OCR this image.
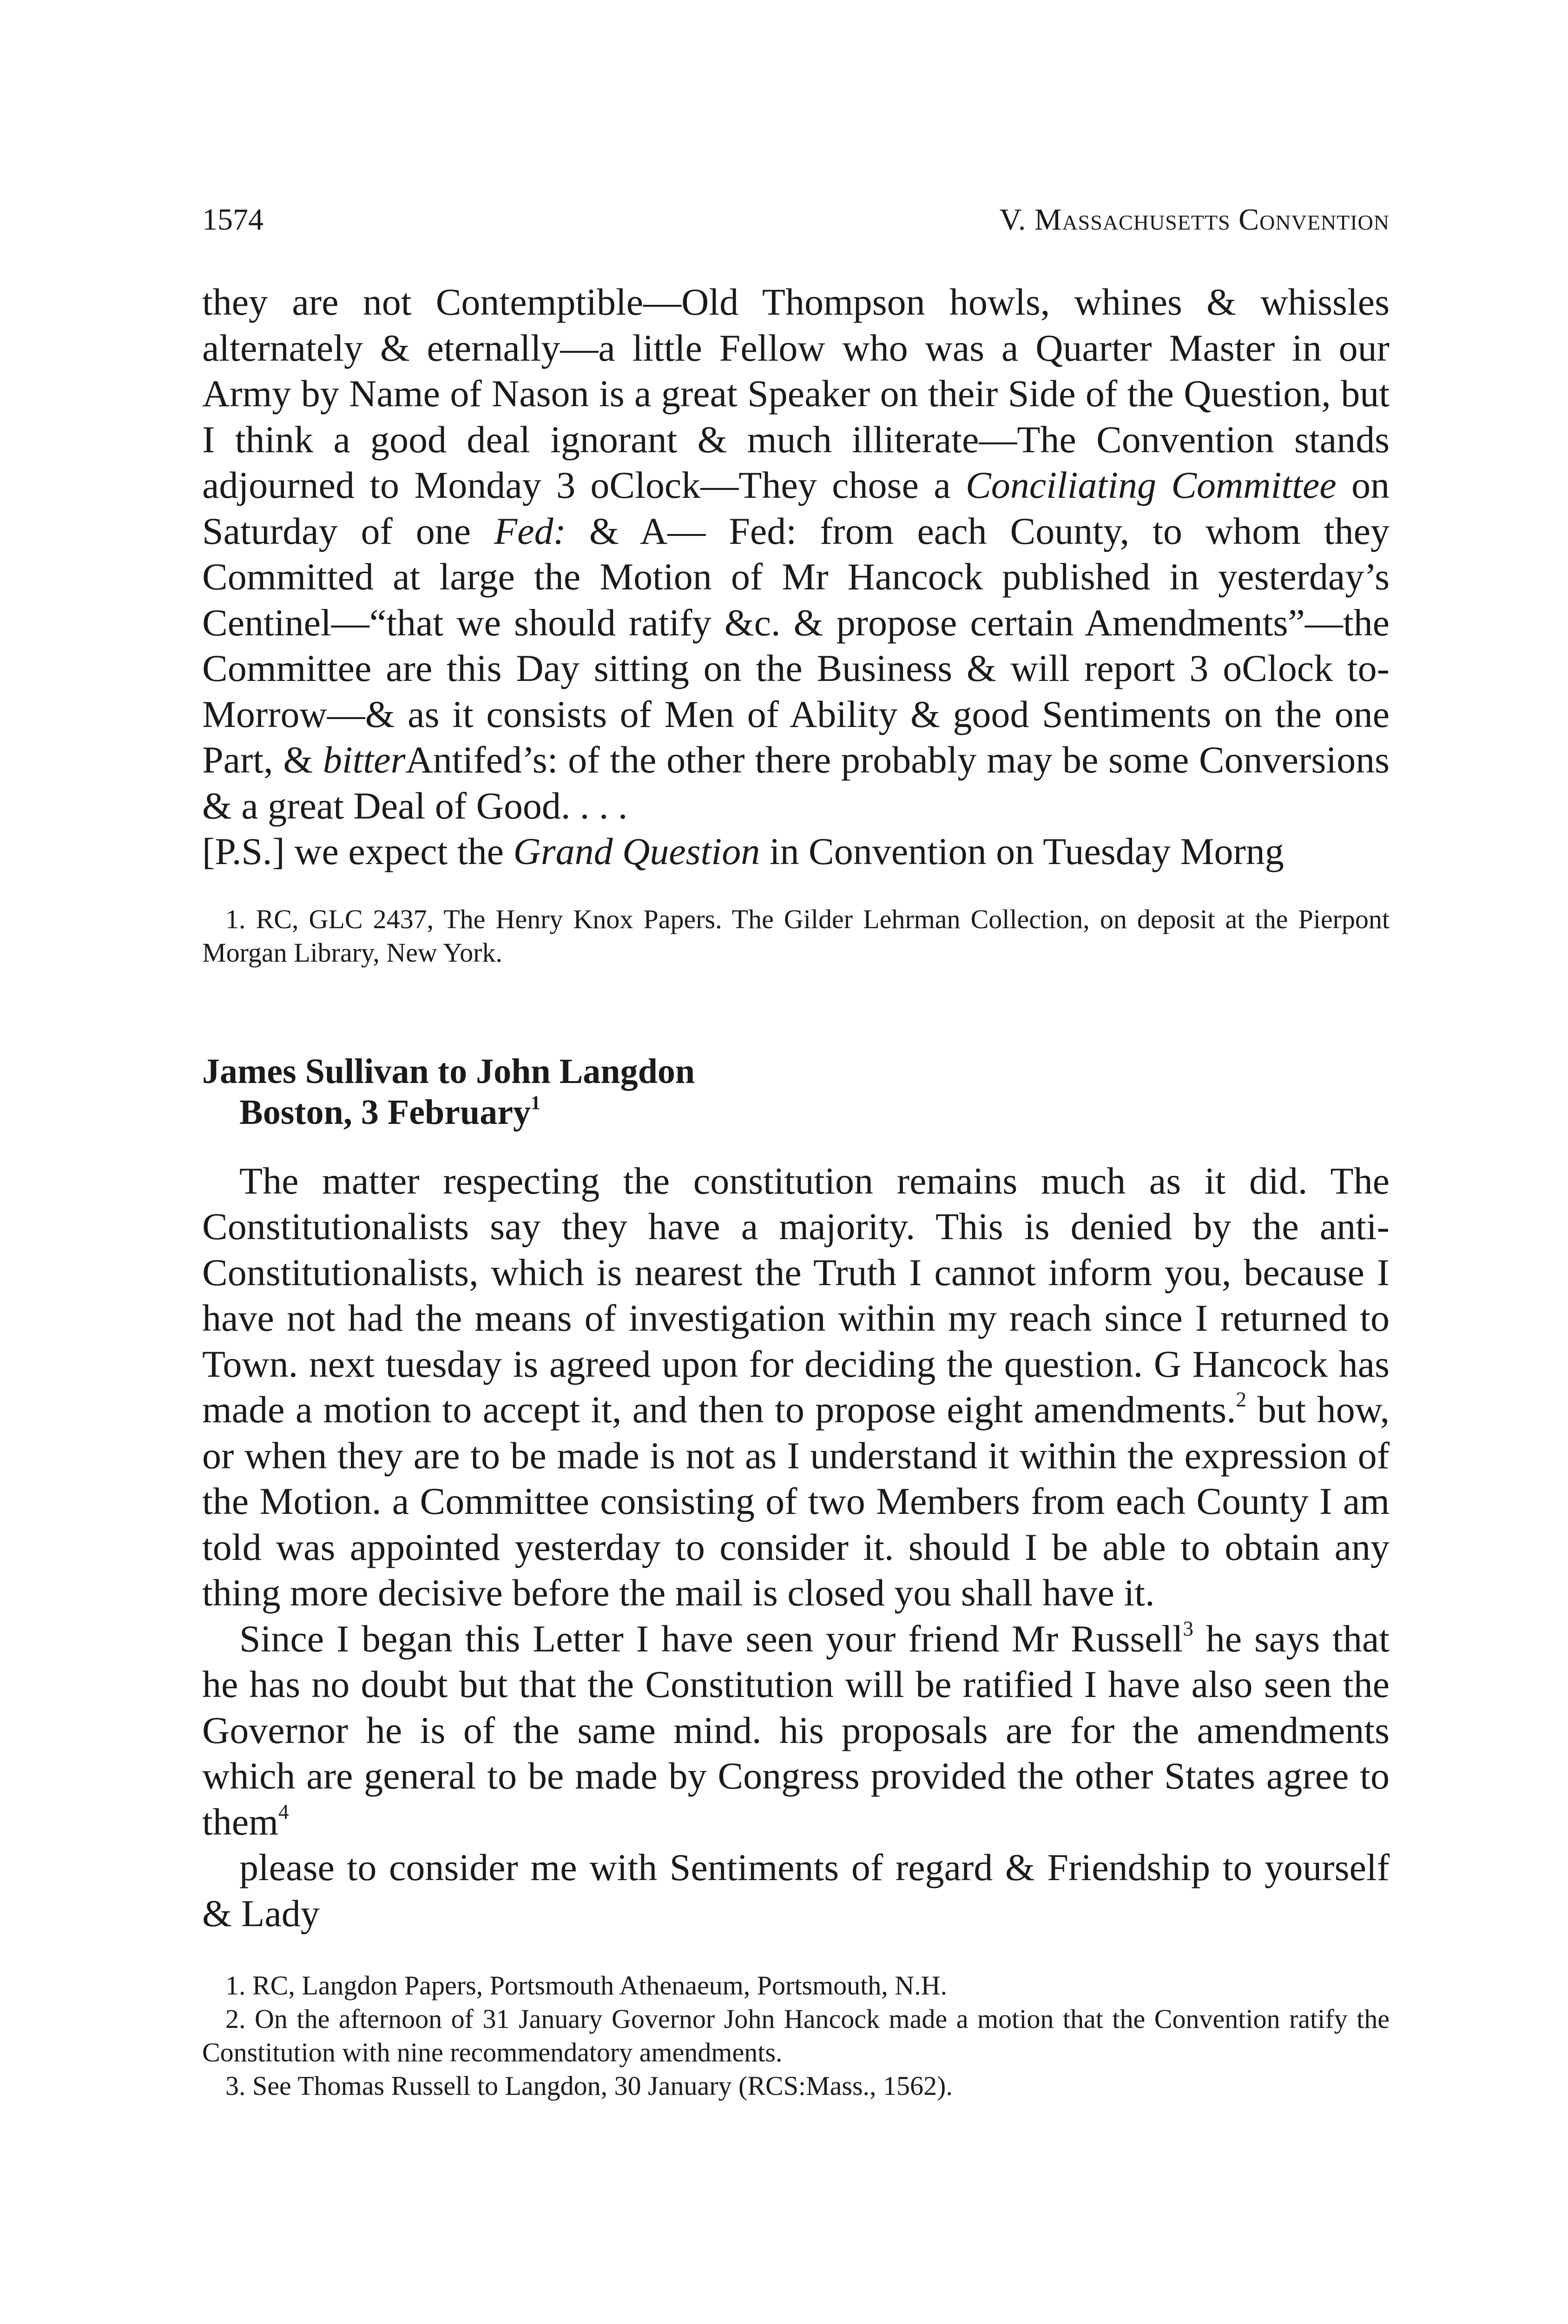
1574	V. Massachusetts Convention

they are not Contemptible—Old Thompson howls, whines & whissles alternately & eternally—a little Fellow who was a Quarter Master in our Army by Name of Nason is a great Speaker on their Side of the Question, but I think a good deal ignorant & much illiterate—The Convention stands adjourned to Monday 3 oClock—They chose a Conciliating Committee on Saturday of one Fed: & A— Fed: from each County, to whom they Committed at large the Motion of Mr Hancock published in yesterday’s Centinel—“that we should ratify &c. & propose certain Amendments”—the Committee are this Day sitting on the Business & will report 3 oClock to-Morrow—& as it consists of Men of Ability & good Sentiments on the one Part, & bitterAntifed’s: of the other there probably may be some Conversions & a great Deal of Good. . . .

[P.S.] we expect the Grand Question in Convention on Tuesday Morng

1. RC, GLC 2437, The Henry Knox Papers. The Gilder Lehrman Collection, on deposit at the Pierpont Morgan Library, New York.

James Sullivan to John Langdon
Boston, 3 February$^1$

The matter respecting the constitution remains much as it did. The Constitutionalists say they have a majority. This is denied by the anti-Constitutionalists, which is nearest the Truth I cannot inform you, because I have not had the means of investigation within my reach since I returned to Town. next tuesday is agreed upon for deciding the question. G Hancock has made a motion to accept it, and then to propose eight amendments.$^2$ but how, or when they are to be made is not as I understand it within the expression of the Motion. a Committee consisting of two Members from each County I am told was appointed yesterday to consider it. should I be able to obtain any thing more decisive before the mail is closed you shall have it.

Since I began this Letter I have seen your friend Mr Russell$^3$ he says that he has no doubt but that the Constitution will be ratified I have also seen the Governor he is of the same mind. his proposals are for the amendments which are general to be made by Congress provided the other States agree to them$^4$

please to consider me with Sentiments of regard & Friendship to yourself & Lady

1. RC, Langdon Papers, Portsmouth Athenaeum, Portsmouth, N.H.

2. On the afternoon of 31 January Governor John Hancock made a motion that the Convention ratify the Constitution with nine recommendatory amendments.

3. See Thomas Russell to Langdon, 30 January (RCS:Mass., 1562).
